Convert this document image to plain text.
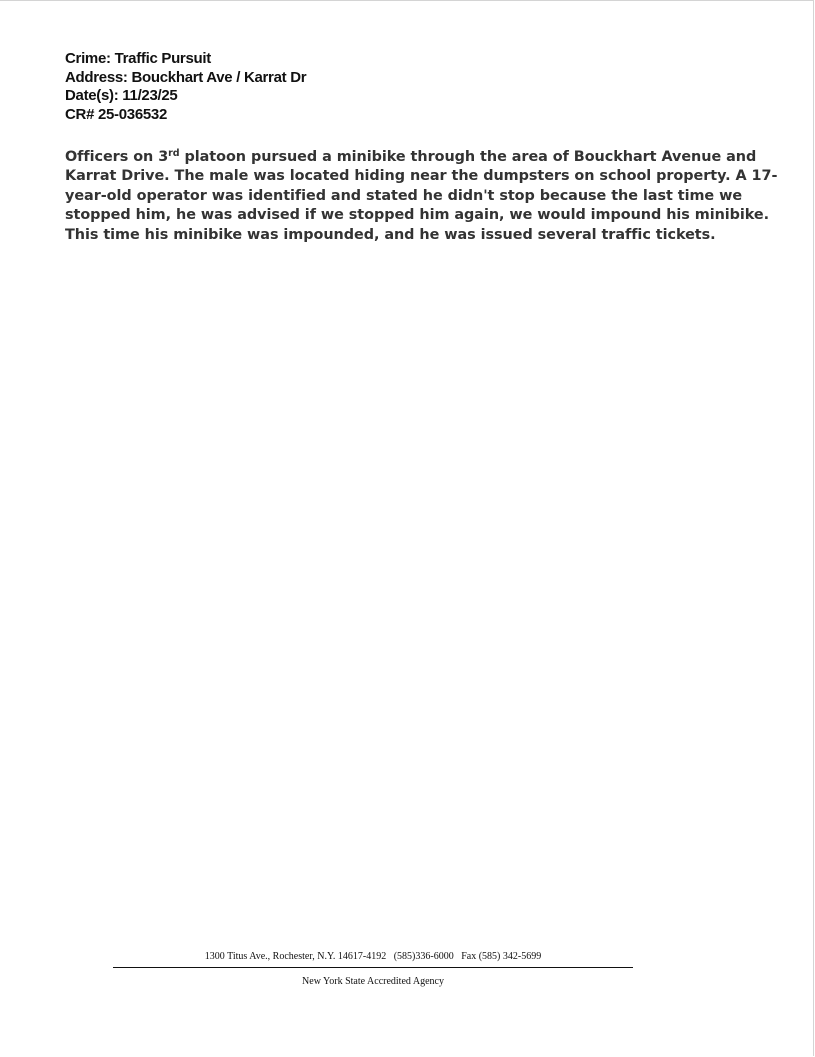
Crime: Traffic Pursuit
Address: Bouckhart Ave / Karrat Dr
Date(s): 11/23/25
CR# 25-036532
Officers on 3rd platoon pursued a minibike through the area of Bouckhart Avenue and
Karrat Drive. The male was located hiding near the dumpsters on school property. A 17-
year-old operator was identified and stated he didn't stop because the last time we
stopped him, he was advised if we stopped him again, we would impound his minibike.
This time his minibike was impounded, and he was issued several traffic tickets.
1300 Titus Ave., Rochester, N.Y. 14617-4192   (585)336-6000   Fax (585) 342-5699
New York State Accredited Agency
